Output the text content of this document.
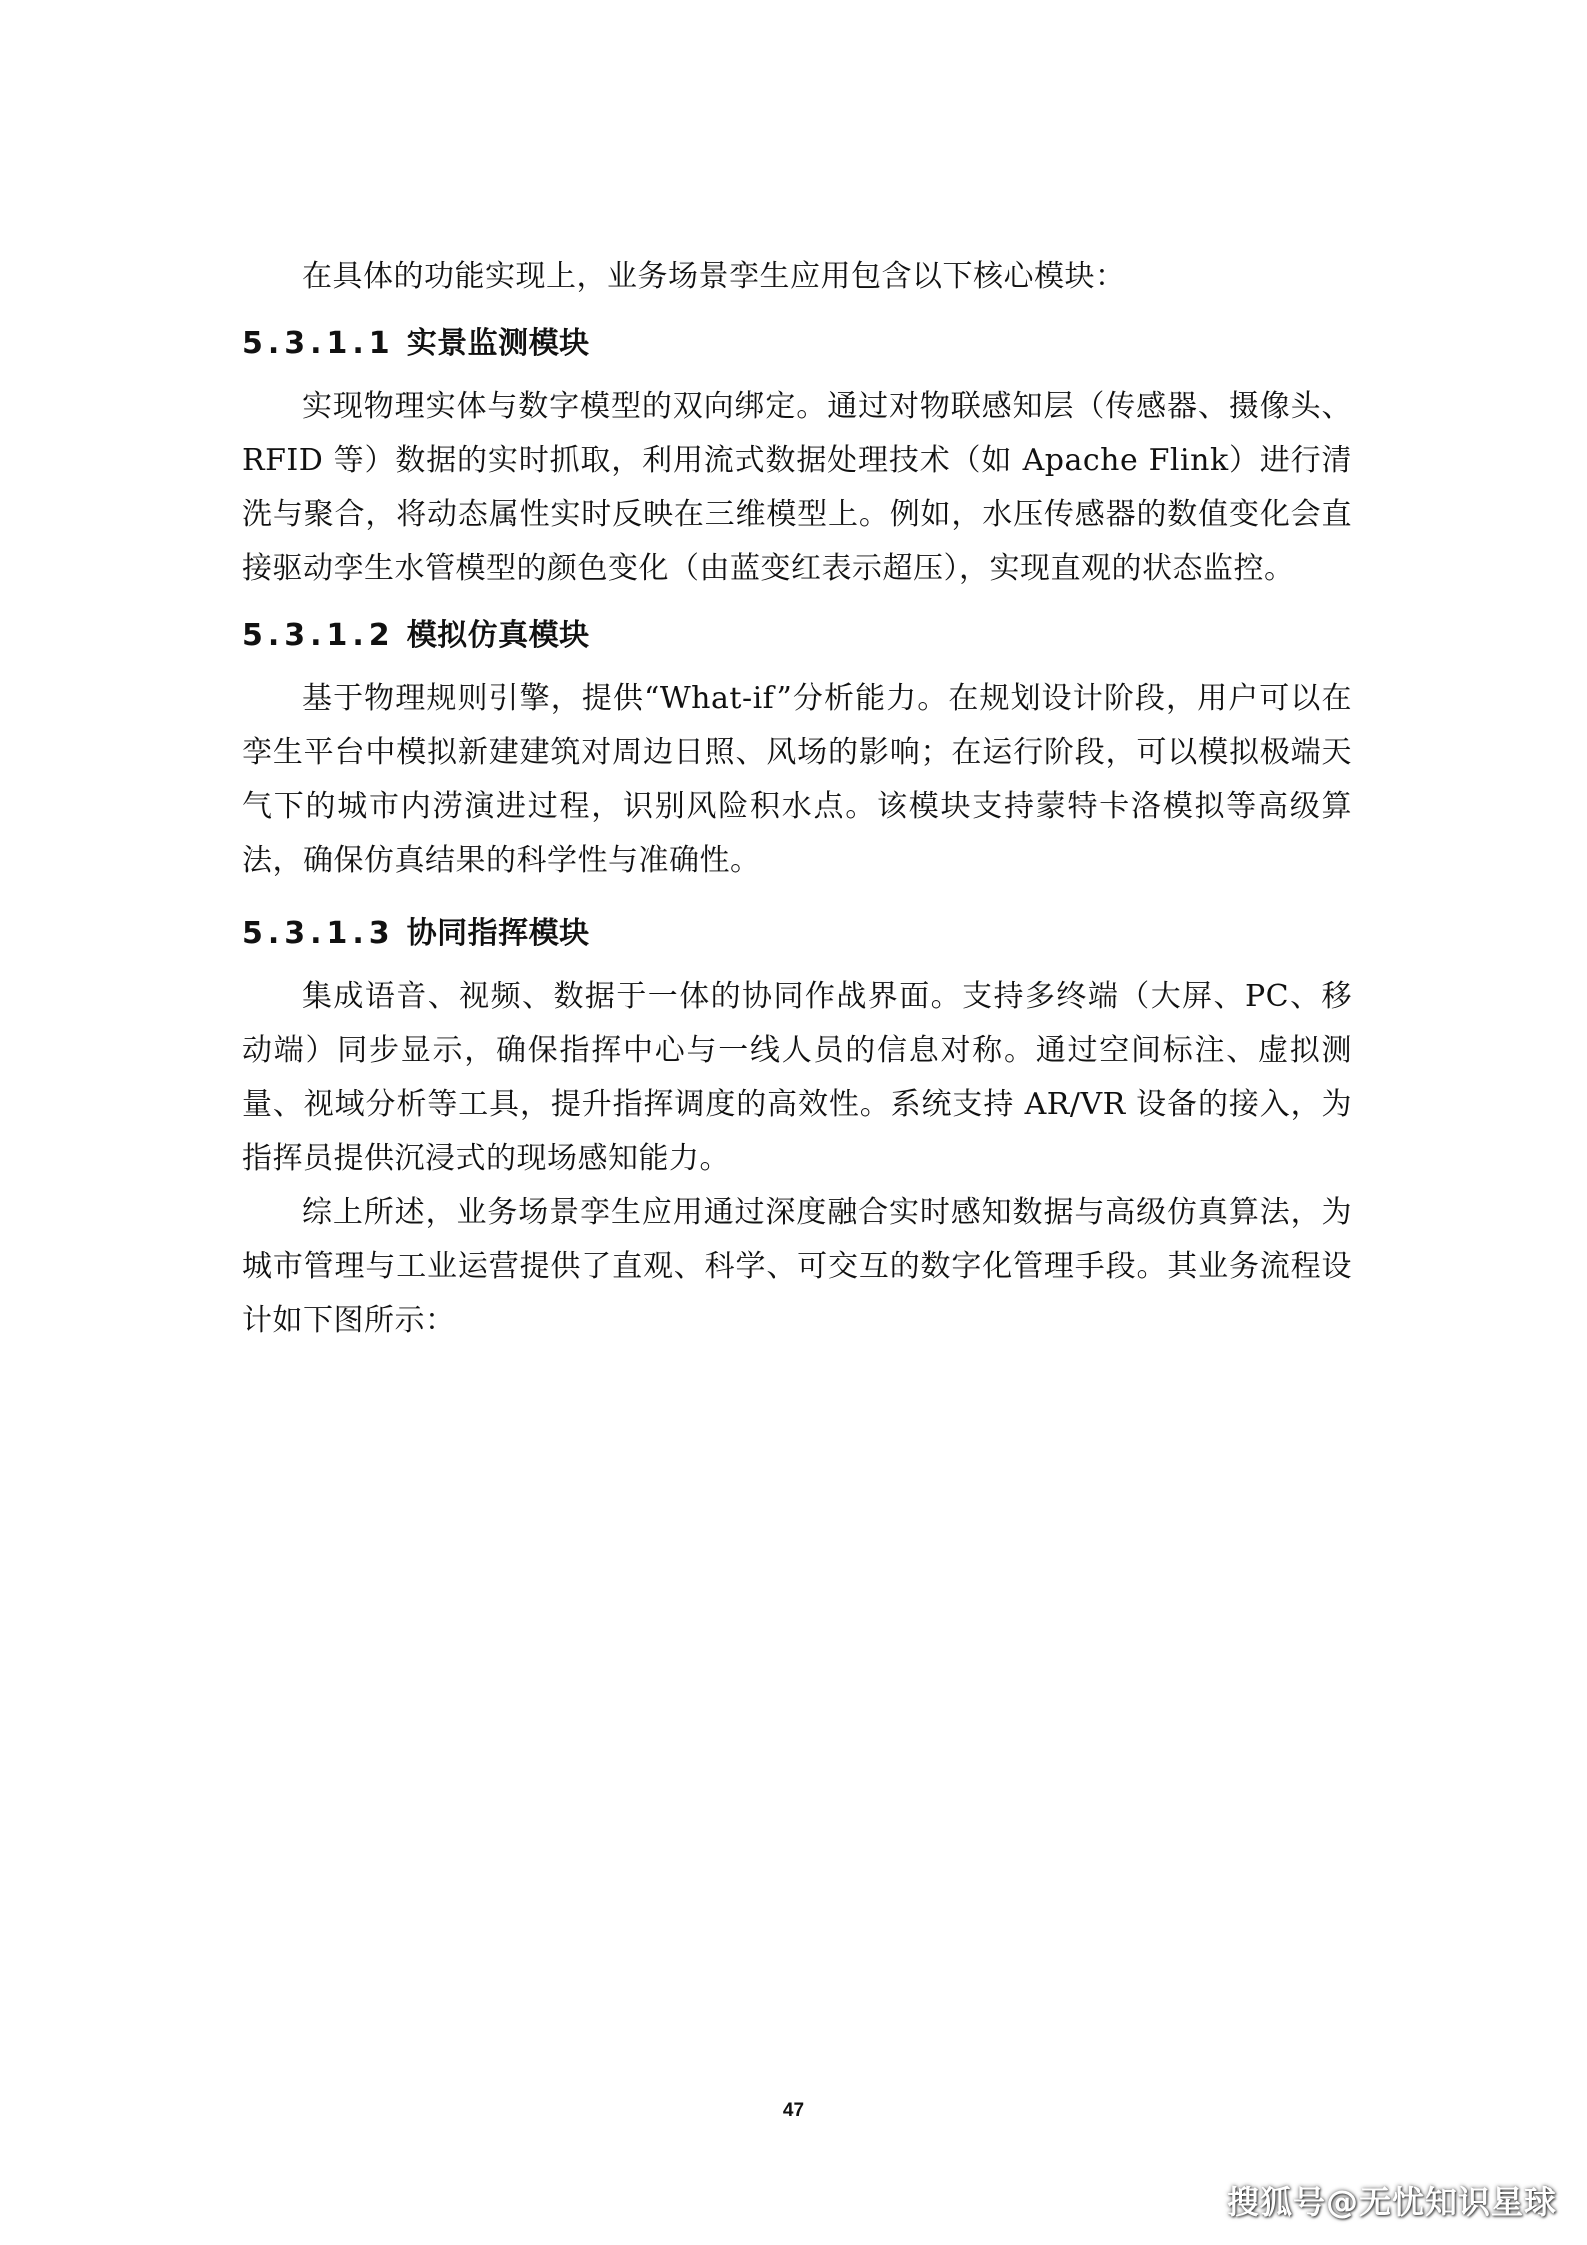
在具体的功能实现上，业务场景孪生应用包含以下核心模块：

5.3.1.1 实景监测模块

实现物理实体与数字模型的双向绑定。通过对物联感知层（传感器、摄像头、RFID 等）数据的实时抓取，利用流式数据处理技术（如 Apache Flink）进行清洗与聚合，将动态属性实时反映在三维模型上。例如，水压传感器的数值变化会直接驱动孪生水管模型的颜色变化（由蓝变红表示超压），实现直观的状态监控。

5.3.1.2 模拟仿真模块

基于物理规则引擎，提供“What-if”分析能力。在规划设计阶段，用户可以在孪生平台中模拟新建建筑对周边日照、风场的影响；在运行阶段，可以模拟极端天气下的城市内涝演进过程，识别风险积水点。该模块支持蒙特卡洛模拟等高级算法，确保仿真结果的科学性与准确性。

5.3.1.3 协同指挥模块

集成语音、视频、数据于一体的协同作战界面。支持多终端（大屏、PC、移动端）同步显示，确保指挥中心与一线人员的信息对称。通过空间标注、虚拟测量、视域分析等工具，提升指挥调度的高效性。系统支持 AR/VR 设备的接入，为指挥员提供沉浸式的现场感知能力。

综上所述，业务场景孪生应用通过深度融合实时感知数据与高级仿真算法，为城市管理与工业运营提供了直观、科学、可交互的数字化管理手段。其业务流程设计如下图所示：

47
搜狐号@无忧知识星球
